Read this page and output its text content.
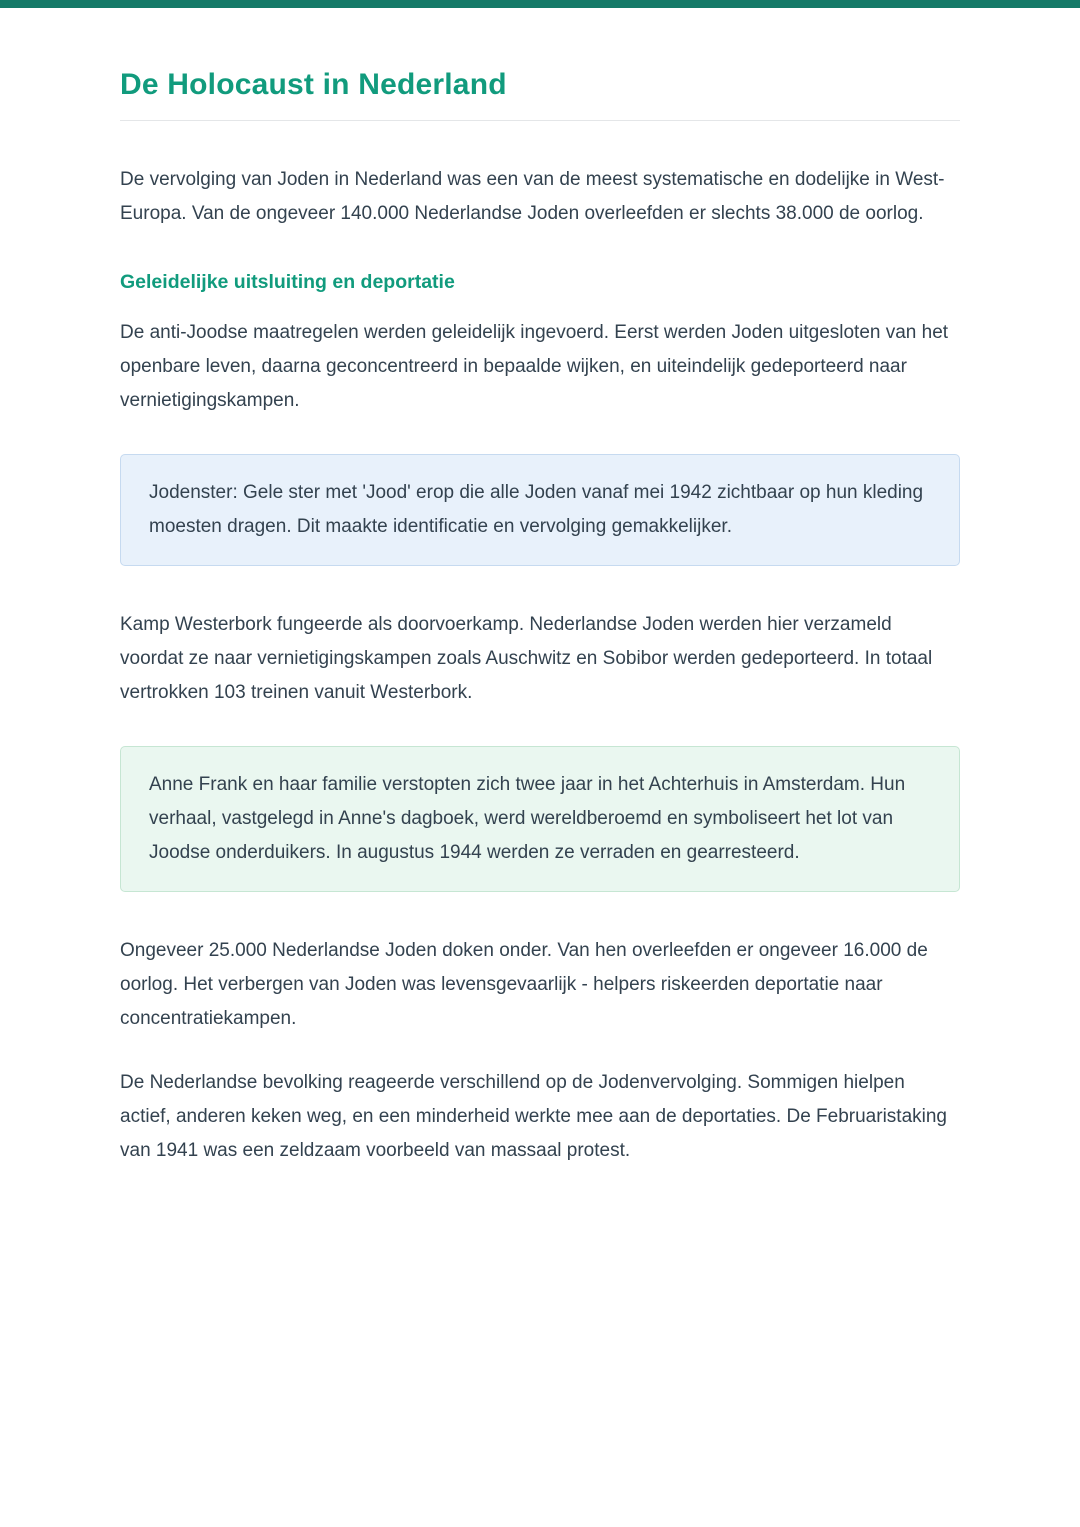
De Holocaust in Nederland

De vervolging van Joden in Nederland was een van de meest systematische en dodelijke in West-Europa. Van de ongeveer 140.000 Nederlandse Joden overleefden er slechts 38.000 de oorlog.

Geleidelijke uitsluiting en deportatie

De anti-Joodse maatregelen werden geleidelijk ingevoerd. Eerst werden Joden uitgesloten van het openbare leven, daarna geconcentreerd in bepaalde wijken, en uiteindelijk gedeporteerd naar vernietigingskampen.

Jodenster: Gele ster met 'Jood' erop die alle Joden vanaf mei 1942 zichtbaar op hun kleding moesten dragen. Dit maakte identificatie en vervolging gemakkelijker.

Kamp Westerbork fungeerde als doorvoerkamp. Nederlandse Joden werden hier verzameld voordat ze naar vernietigingskampen zoals Auschwitz en Sobibor werden gedeporteerd. In totaal vertrokken 103 treinen vanuit Westerbork.

Anne Frank en haar familie verstopten zich twee jaar in het Achterhuis in Amsterdam. Hun verhaal, vastgelegd in Anne's dagboek, werd wereldberoemd en symboliseert het lot van Joodse onderduikers. In augustus 1944 werden ze verraden en gearresteerd.

Ongeveer 25.000 Nederlandse Joden doken onder. Van hen overleefden er ongeveer 16.000 de oorlog. Het verbergen van Joden was levensgevaarlijk - helpers riskeerden deportatie naar concentratiekampen.

De Nederlandse bevolking reageerde verschillend op de Jodenvervolging. Sommigen hielpen actief, anderen keken weg, en een minderheid werkte mee aan de deportaties. De Februaristaking van 1941 was een zeldzaam voorbeeld van massaal protest.
